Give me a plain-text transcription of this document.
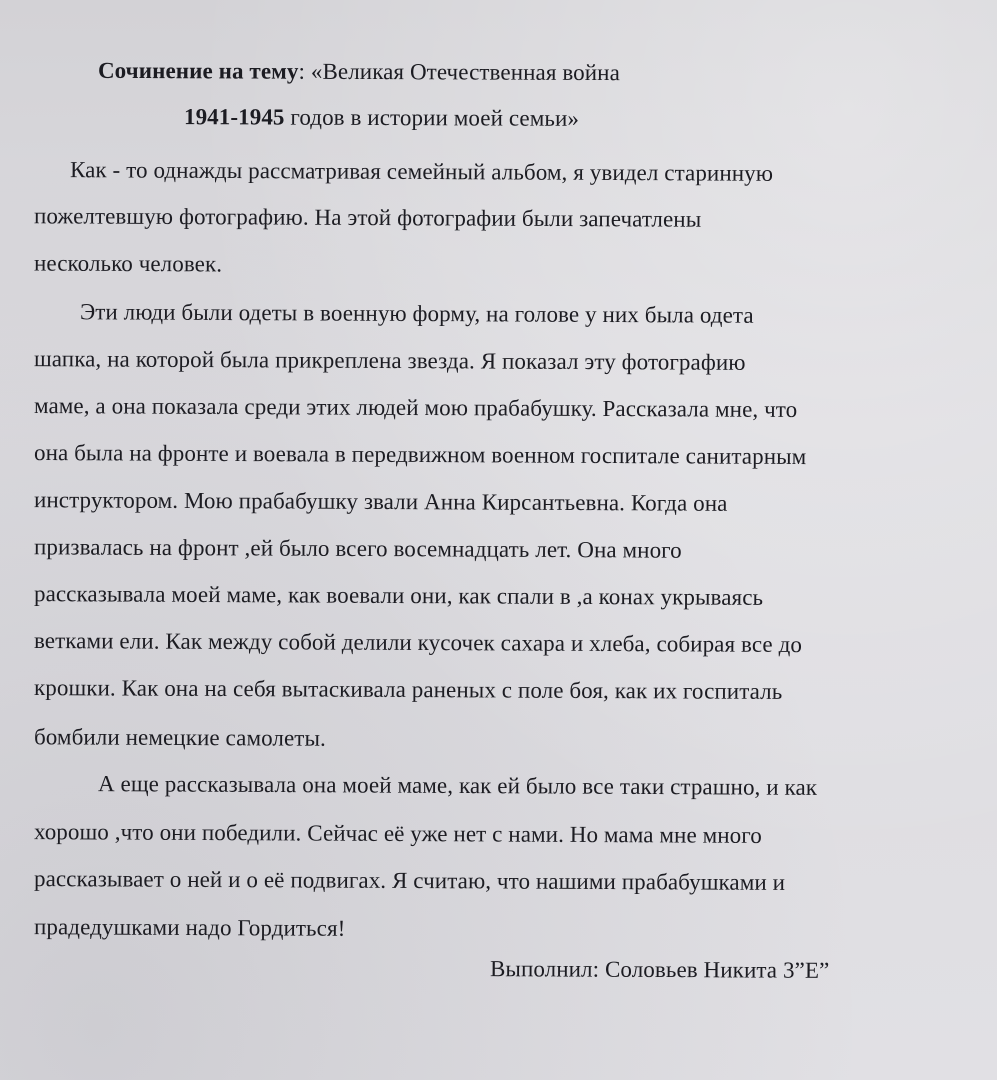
Сочинение на тему: «Великая Отечественная война
1941-1945 годов в истории моей семьи»
Как - то однажды рассматривая семейный альбом, я увидел старинную
пожелтевшую фотографию. На этой фотографии были запечатлены
несколько человек.
Эти люди были одеты в военную форму, на голове у них была одета
шапка, на которой была прикреплена звезда. Я показал эту фотографию
маме, а она показала среди этих людей мою прабабушку. Рассказала мне, что
она была на фронте и воевала в передвижном военном госпитале санитарным
инструктором. Мою прабабушку звали Анна Кирсантьевна. Когда она
призвалась на фронт ,ей было всего восемнадцать лет. Она много
рассказывала моей маме, как воевали они, как спали в ,а конах укрываясь
ветками ели. Как между собой делили кусочек сахара и хлеба, собирая все до
крошки. Как она на себя вытаскивала раненых с поле боя, как их госпиталь
бомбили немецкие самолеты.
А еще рассказывала она моей маме, как ей было все таки страшно, и как
хорошо ,что они победили. Сейчас её уже нет с нами. Но мама мне много
рассказывает о ней и о её подвигах. Я считаю, что нашими прабабушками и
прадедушками надо Гордиться!
Выполнил: Соловьев Никита 3”Е”
